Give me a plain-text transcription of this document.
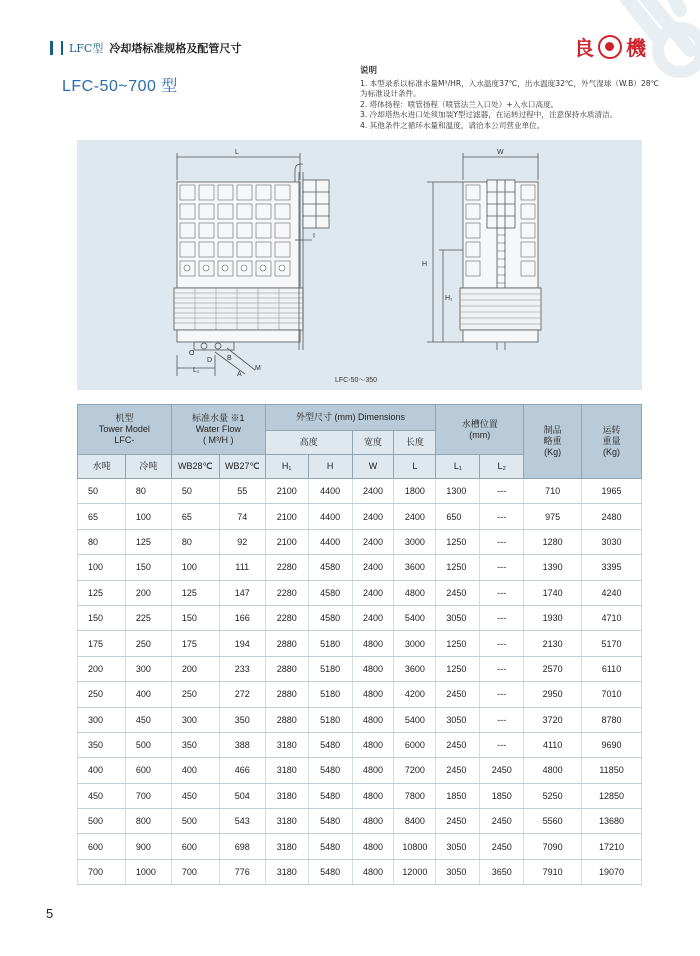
LFC型 冷却塔标准规格及配管尺寸	良 機
LFC-50~700 型
说明
1. 本型录系以标准水量M³/HR，入水温度37℃，出水温度32℃，外气湿球（W.B）28℃为标准设计条件。
2. 塔体扬程：喷管扬程（喷管法兰入口处）+入水口高度。
3. 冷却塔热水进口处须加装Y型过滤器，在运转过程中，注意保持水质清洁。
4. 其他条件之循环水量和温度，请洽本公司营业单位。
L
L₁
I
O
D B
A
M
W
H
H₁
LFC-50～350
机型
Tower Model
LFC-		标准水量 ※1
Water Flow
( M³/H )		外型尺寸 (mm) Dimensions				水槽位置
(mm)		制品
略重
(Kg)	运转
重量
(Kg)
				高度		宽度	长度				
水吨	冷吨	WB28℃	WB27℃	H₁	H	W	L	L₁	L₂		
50	80	50	55	2100	4400	2400	1800	1300	---	710	1965
65	100	65	74	2100	4400	2400	2400	650	---	975	2480
80	125	80	92	2100	4400	2400	3000	1250	---	1280	3030
100	150	100	111	2280	4580	2400	3600	1250	---	1390	3395
125	200	125	147	2280	4580	2400	4800	2450	---	1740	4240
150	225	150	166	2280	4580	2400	5400	3050	---	1930	4710
175	250	175	194	2880	5180	4800	3000	1250	---	2130	5170
200	300	200	233	2880	5180	4800	3600	1250	---	2570	6110
250	400	250	272	2880	5180	4800	4200	2450	---	2950	7010
300	450	300	350	2880	5180	4800	5400	3050	---	3720	8780
350	500	350	388	3180	5480	4800	6000	2450	---	4110	9690
400	600	400	466	3180	5480	4800	7200	2450	2450	4800	11850
450	700	450	504	3180	5480	4800	7800	1850	1850	5250	12850
500	800	500	543	3180	5480	4800	8400	2450	2450	5560	13680
600	900	600	698	3180	5480	4800	10800	3050	2450	7090	17210
700	1000	700	776	3180	5480	4800	12000	3050	3650	7910	19070
5
